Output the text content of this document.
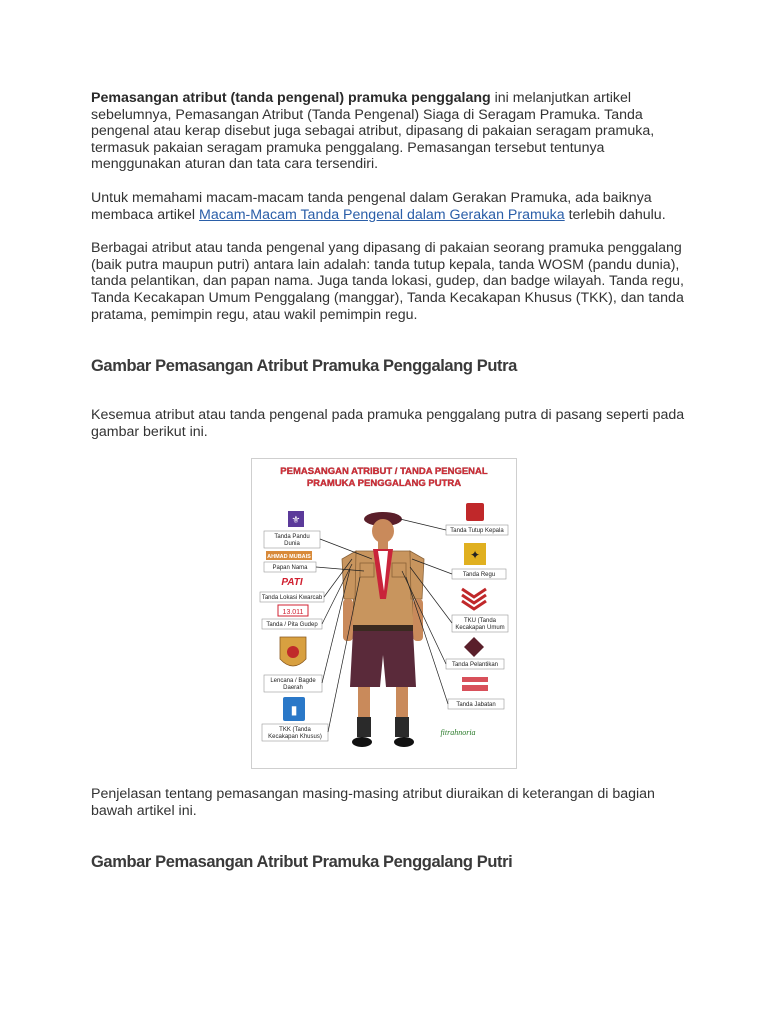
Pemasangan atribut (tanda pengenal) pramuka penggalang ini melanjutkan artikel sebelumnya, Pemasangan Atribut (Tanda Pengenal) Siaga di Seragam Pramuka. Tanda pengenal atau kerap disebut juga sebagai atribut, dipasang di pakaian seragam pramuka, termasuk pakaian seragam pramuka penggalang. Pemasangan tersebut tentunya menggunakan aturan dan tata cara tersendiri.

Untuk memahami macam-macam tanda pengenal dalam Gerakan Pramuka, ada baiknya membaca artikel Macam-Macam Tanda Pengenal dalam Gerakan Pramuka terlebih dahulu.

Berbagai atribut atau tanda pengenal yang dipasang di pakaian seorang pramuka penggalang (baik putra maupun putri) antara lain adalah: tanda tutup kepala, tanda WOSM (pandu dunia), tanda pelantikan, dan papan nama. Juga tanda lokasi, gudep, dan badge wilayah. Tanda regu, Tanda Kecakapan Umum Penggalang (manggar), Tanda Kecakapan Khusus (TKK), dan tanda pratama, pemimpin regu, atau wakil pemimpin regu.

Gambar Pemasangan Atribut Pramuka Penggalang Putra

Kesemua atribut atau tanda pengenal pada pramuka penggalang putra di pasang seperti pada gambar berikut ini.

PEMASANGAN ATRIBUT / TANDA PENGENAL
PRAMUKA PENGGALANG PUTRA
⚜
Tanda Pandu
Dunia
AHMAD MUBAIS
Papan Nama
PATI
Tanda Lokasi Kwarcab
13.011
Tanda / Pita Gudep
Lencana / Bagde
Daerah
▮
TKK (Tanda
Kecakapan Khusus)
Tanda Tutup Kepala
✦
Tanda Regu
TKU (Tanda
Kecakapan Umum
Tanda Pelantikan
Tanda Jabatan
fitrahnoria

Penjelasan tentang pemasangan masing-masing atribut diuraikan di keterangan di bagian bawah artikel ini.

Gambar Pemasangan Atribut Pramuka Penggalang Putri
